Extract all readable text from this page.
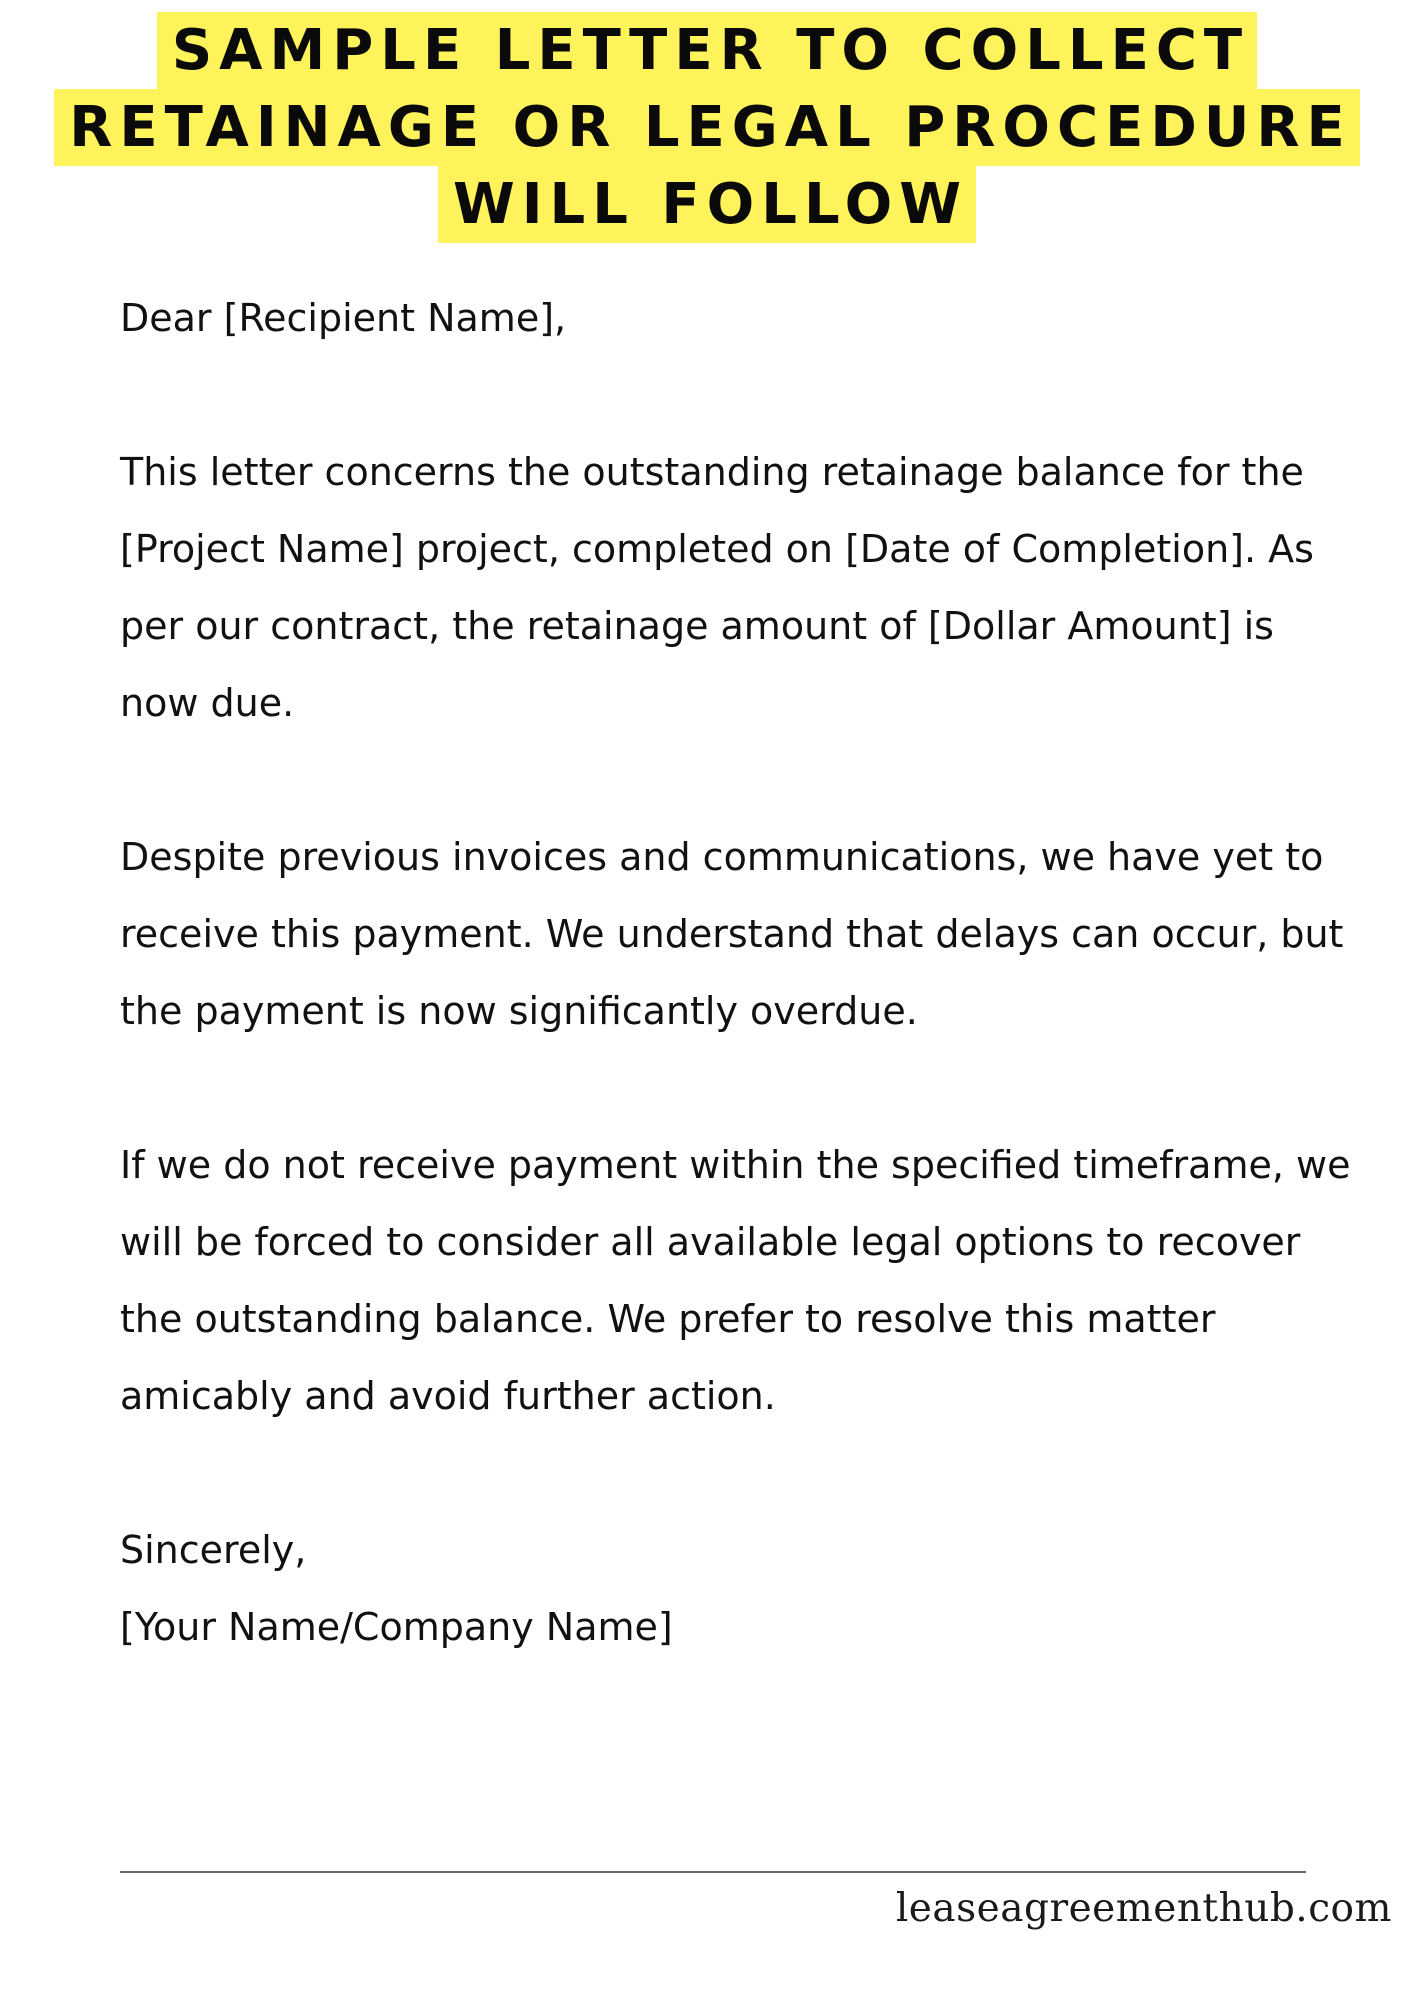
SAMPLE LETTER TO COLLECT
RETAINAGE OR LEGAL PROCEDURE
WILL FOLLOW

Dear [Recipient Name],

This letter concerns the outstanding retainage balance for the [Project Name] project, completed on [Date of Completion]. As per our contract, the retainage amount of [Dollar Amount] is now due.

Despite previous invoices and communications, we have yet to receive this payment. We understand that delays can occur, but the payment is now significantly overdue.

If we do not receive payment within the specified timeframe, we will be forced to consider all available legal options to recover the outstanding balance. We prefer to resolve this matter amicably and avoid further action.

Sincerely,

[Your Name/Company Name]

leaseagreementhub.com
